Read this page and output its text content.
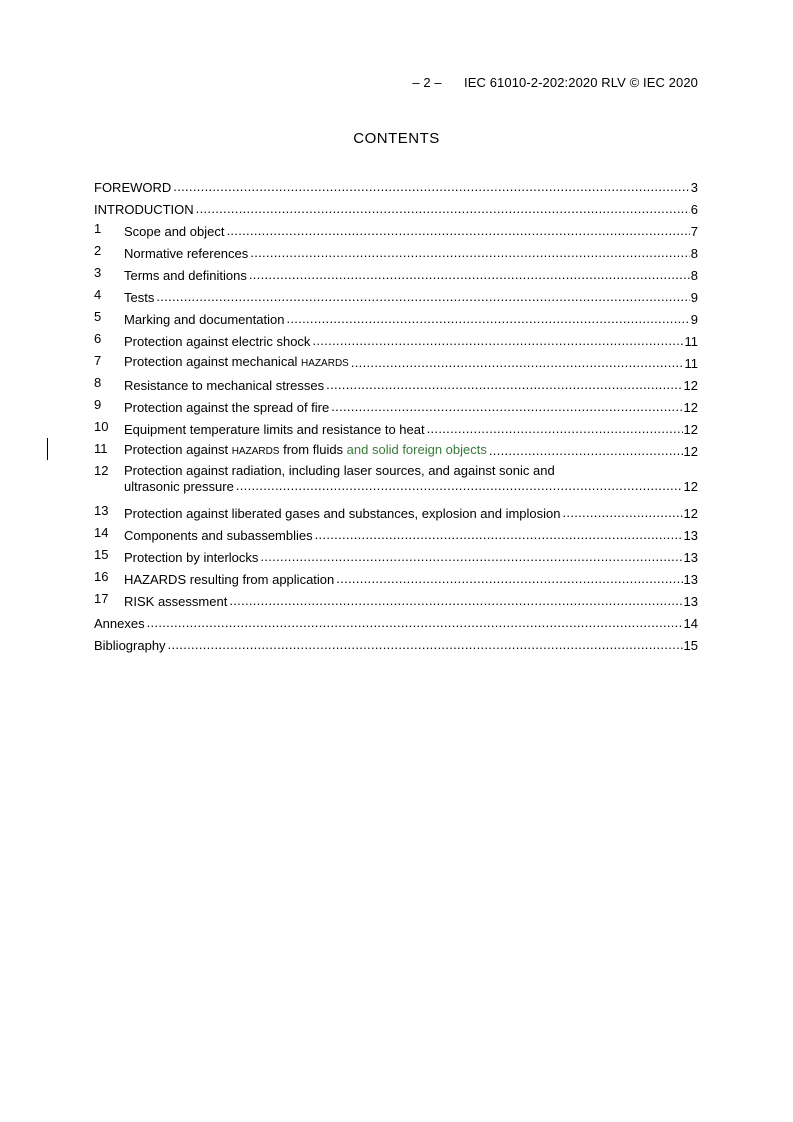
– 2 – IEC 61010-2-202:2020 RLV © IEC 2020
CONTENTS
FOREWORD .....	3
INTRODUCTION .....	6
1	Scope and object .....	7
2	Normative references .....	8
3	Terms and definitions .....	8
4	Tests .....	9
5	Marking and documentation .....	9
6	Protection against electric shock .....	11
7	Protection against mechanical HAZARDS .....	11
8	Resistance to mechanical stresses .....	12
9	Protection against the spread of fire .....	12
10	Equipment temperature limits and resistance to heat .....	12
11	Protection against HAZARDS from fluids and solid foreign objects .....	12
12	Protection against radiation, including laser sources, and against sonic and
ultrasonic pressure .....	12
13	Protection against liberated gases and substances, explosion and implosion .....	12
14	Components and subassemblies .....	13
15	Protection by interlocks .....	13
16	HAZARDS resulting from application .....	13
17	RISK assessment .....	13
Annexes .....	14
Bibliography .....	15
